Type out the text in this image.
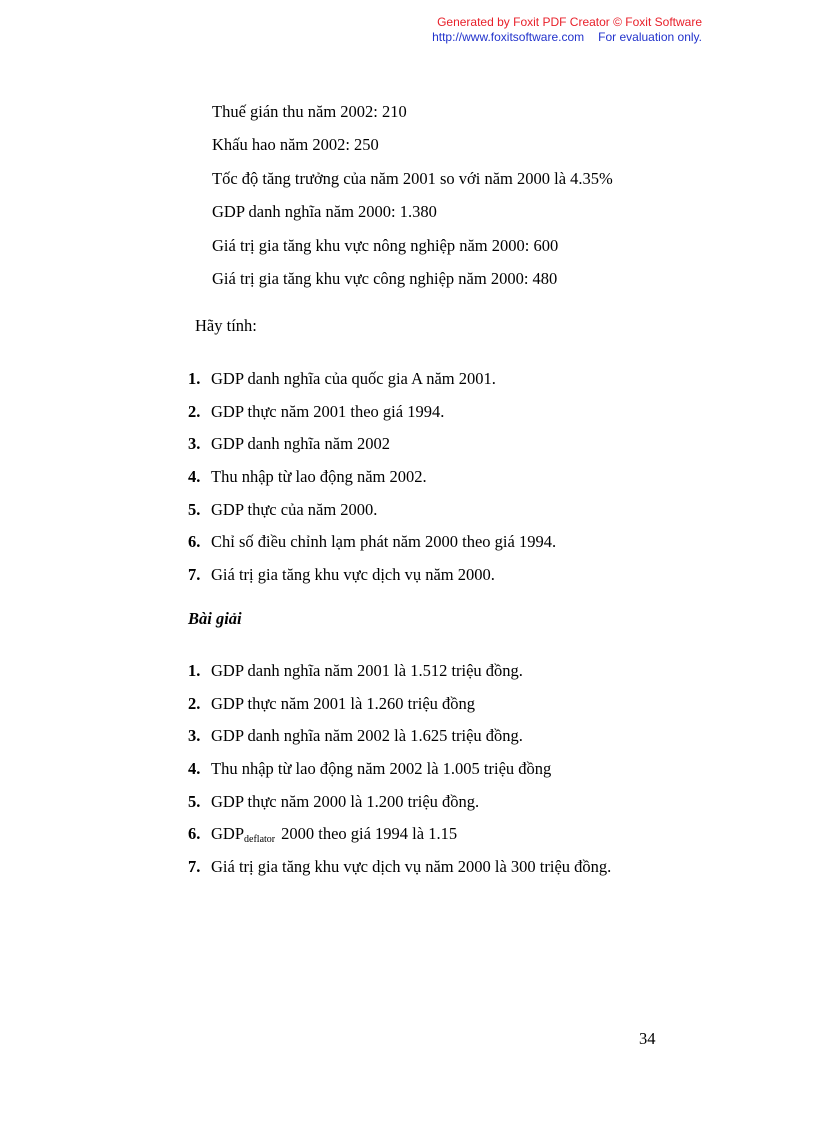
Generated by Foxit PDF Creator © Foxit Software
http://www.foxitsoftware.com For evaluation only.
Thuế gián thu năm 2002: 210
Khấu hao năm 2002: 250
Tốc độ tăng trưởng của năm 2001 so với năm 2000 là 4.35%
GDP danh nghĩa năm 2000: 1.380
Giá trị gia tăng khu vực nông nghiệp năm 2000: 600
Giá trị gia tăng khu vực công nghiệp năm 2000: 480
Hãy tính:
1. GDP danh nghĩa của quốc gia A năm 2001.
2. GDP thực năm 2001 theo giá 1994.
3. GDP danh nghĩa năm 2002
4. Thu nhập từ lao động năm 2002.
5. GDP thực của năm 2000.
6. Chỉ số điều chỉnh lạm phát năm 2000 theo giá 1994.
7. Giá trị gia tăng khu vực dịch vụ năm 2000.
Bài giải
1. GDP danh nghĩa năm 2001 là 1.512 triệu đồng.
2. GDP thực năm 2001 là 1.260 triệu đồng
3. GDP danh nghĩa năm 2002 là 1.625 triệu đồng.
4. Thu nhập từ lao động năm 2002 là 1.005 triệu đồng
5. GDP thực năm 2000 là 1.200 triệu đồng.
6. $GDP_{deflator}$ 2000 theo giá 1994 là 1.15
7. Giá trị gia tăng khu vực dịch vụ năm 2000 là 300 triệu đồng.
34
